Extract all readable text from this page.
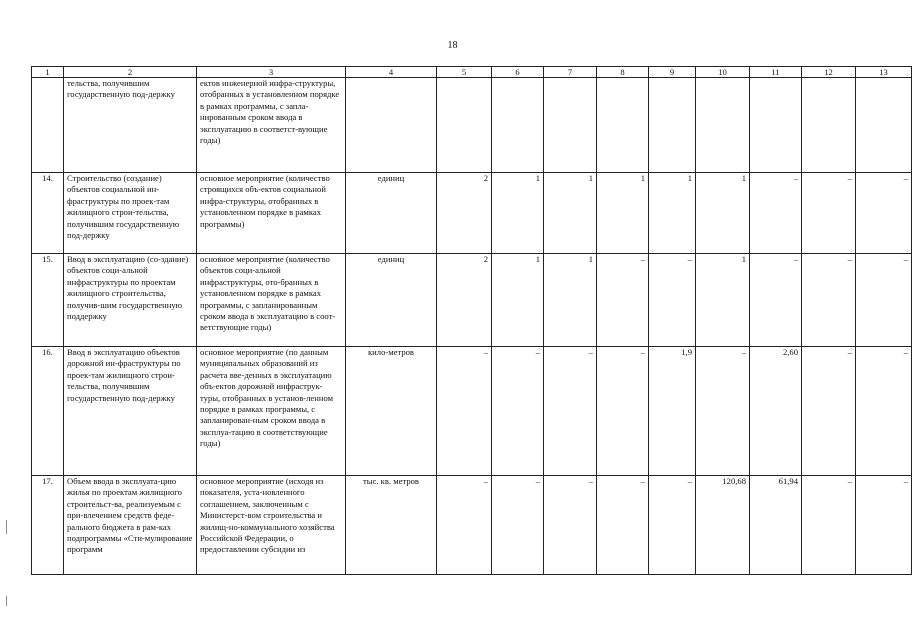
18
1	2	3	4	5	6	7	8	9	10	11	12	13
	тельства, получившим государственную под-держку	ектов инженерной инфра-структуры, отобранных в установленном порядке в рамках программы, с запла-нированным сроком ввода в эксплуатацию в соответст-вующие годы)										
14.	Строительство (создание) объектов социальной ин-фраструктуры по проек-там жилищного строи-тельства, получившим государственную под-держку	основное мероприятие (количество строящихся объ-ектов социальной инфра-структуры, отобранных в установленном порядке в рамках программы)	единиц	2	1	1	1	1	1	–	–	–
15.	Ввод в эксплуатацию (со-здание) объектов соци-альной инфраструктуры по проектам жилищного строительства, получив-шим государственную поддержку	основное мероприятие (количество объектов соци-альной инфраструктуры, ото-бранных в установленном порядке в рамках программы, с запланированным сроком ввода в эксплуатацию в соот-ветствующие годы)	единиц	2	1	1	–	–	1	–	–	–
16.	Ввод в эксплуатацию объектов дорожной ин-фраструктуры по проек-там жилищного строи-тельства, получившим государственную под-держку	основное мероприятие (по данным муниципальных образований из расчета вве-денных в эксплуатацию объ-ектов дорожной инфраструк-туры, отобранных в установ-ленном порядке в рамках программы, с запланирован-ным сроком ввода в эксплуа-тацию в соответствующие годы)	кило-метров	–	–	–	–	1,9	–	2,60	–	–
17.	Объем ввода в эксплуата-цию жилья по проектам жилищного строительст-ва, реализуемым с при-влечением средств феде-рального бюджета в рам-ках подпрограммы «Сти-мулирование программ	основное мероприятие (исходя из показателя, уста-новленного соглашением, заключенным с Министерст-вом строительства и жилищ-но-коммунального хозяйства Российской Федерации, о предоставлении субсидии из	тыс. кв. метров	–	–	–	–	–	120,68	61,94	–	–
